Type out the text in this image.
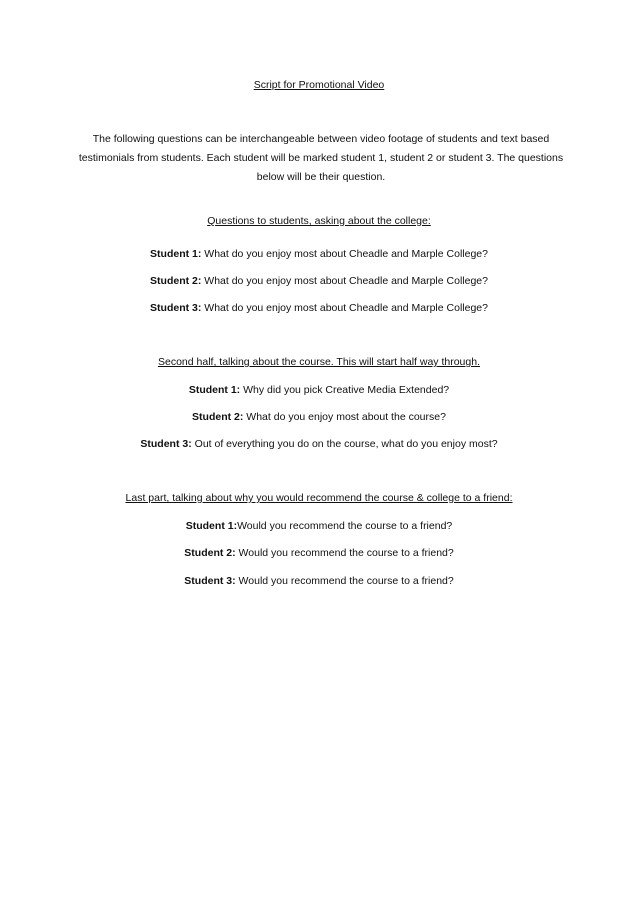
Script for Promotional Video
The following questions can be interchangeable between video footage of students and text based testimonials from students. Each student will be marked student 1, student 2 or student 3. The questions below will be their question.
Questions to students, asking about the college:
Student 1: What do you enjoy most about Cheadle and Marple College?
Student 2: What do you enjoy most about Cheadle and Marple College?
Student 3: What do you enjoy most about Cheadle and Marple College?
Second half, talking about the course. This will start half way through.
Student 1: Why did you pick Creative Media Extended?
Student 2: What do you enjoy most about the course?
Student 3: Out of everything you do on the course, what do you enjoy most?
Last part, talking about why you would recommend the course & college to a friend:
Student 1:Would you recommend the course to a friend?
Student 2: Would you recommend the course to a friend?
Student 3: Would you recommend the course to a friend?
